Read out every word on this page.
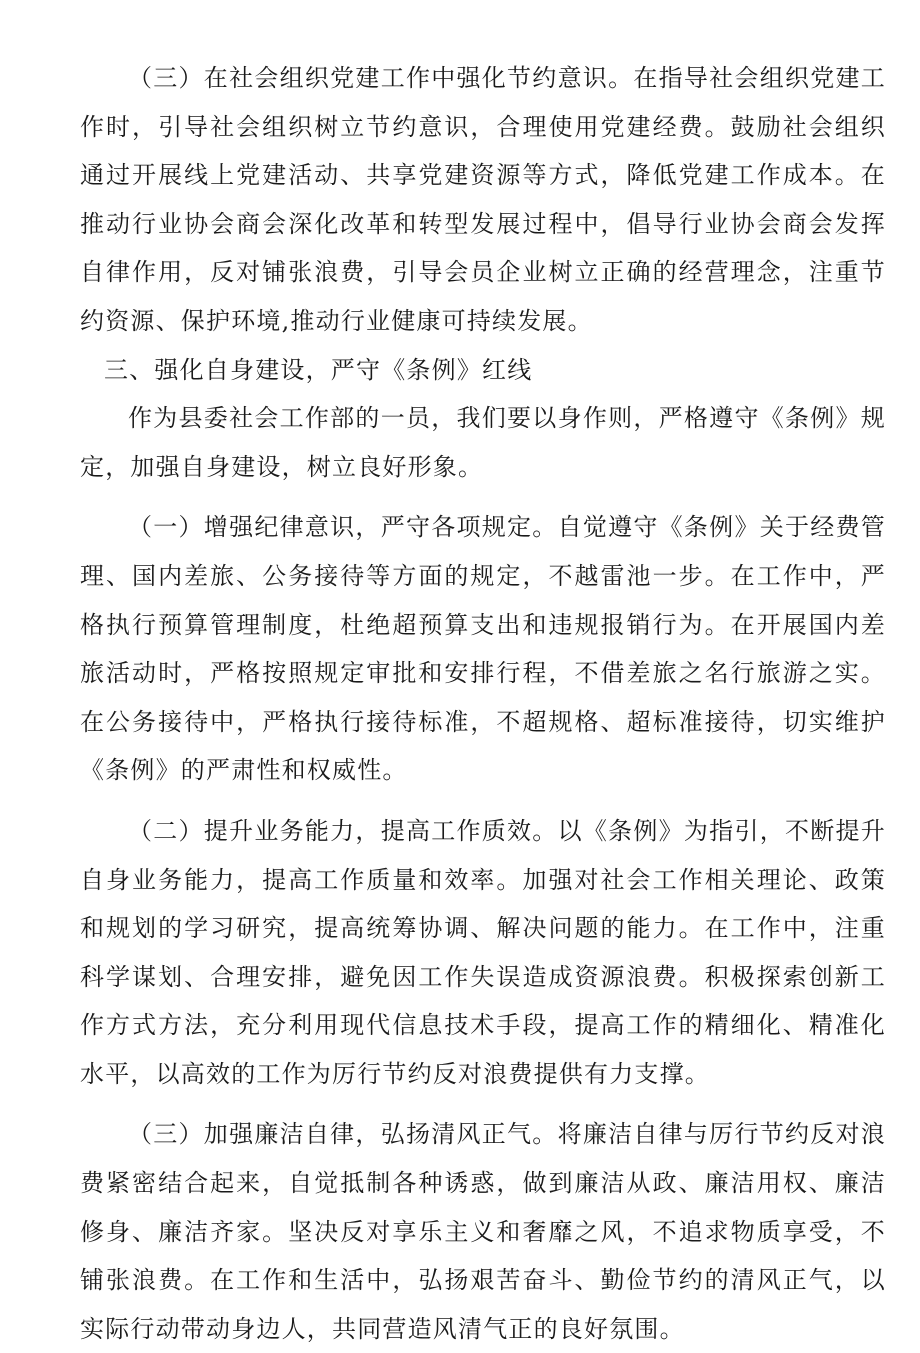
（三）在社会组织党建工作中强化节约意识。在指导社会组织党建工作时，引导社会组织树立节约意识，合理使用党建经费。鼓励社会组织通过开展线上党建活动、共享党建资源等方式，降低党建工作成本。在推动行业协会商会深化改革和转型发展过程中，倡导行业协会商会发挥自律作用，反对铺张浪费，引导会员企业树立正确的经营理念，注重节约资源、保护环境,推动行业健康可持续发展。

三、强化自身建设，严守《条例》红线

作为县委社会工作部的一员，我们要以身作则，严格遵守《条例》规定，加强自身建设，树立良好形象。

（一）增强纪律意识，严守各项规定。自觉遵守《条例》关于经费管理、国内差旅、公务接待等方面的规定，不越雷池一步。在工作中，严格执行预算管理制度，杜绝超预算支出和违规报销行为。在开展国内差旅活动时，严格按照规定审批和安排行程，不借差旅之名行旅游之实。在公务接待中，严格执行接待标准，不超规格、超标准接待，切实维护《条例》的严肃性和权威性。

（二）提升业务能力，提高工作质效。以《条例》为指引，不断提升自身业务能力，提高工作质量和效率。加强对社会工作相关理论、政策和规划的学习研究，提高统筹协调、解决问题的能力。在工作中，注重科学谋划、合理安排，避免因工作失误造成资源浪费。积极探索创新工作方式方法，充分利用现代信息技术手段，提高工作的精细化、精准化水平，以高效的工作为厉行节约反对浪费提供有力支撑。

（三）加强廉洁自律，弘扬清风正气。将廉洁自律与厉行节约反对浪费紧密结合起来，自觉抵制各种诱惑，做到廉洁从政、廉洁用权、廉洁修身、廉洁齐家。坚决反对享乐主义和奢靡之风，不追求物质享受，不铺张浪费。在工作和生活中，弘扬艰苦奋斗、勤俭节约的清风正气，以实际行动带动身边人，共同营造风清气正的良好氛围。
